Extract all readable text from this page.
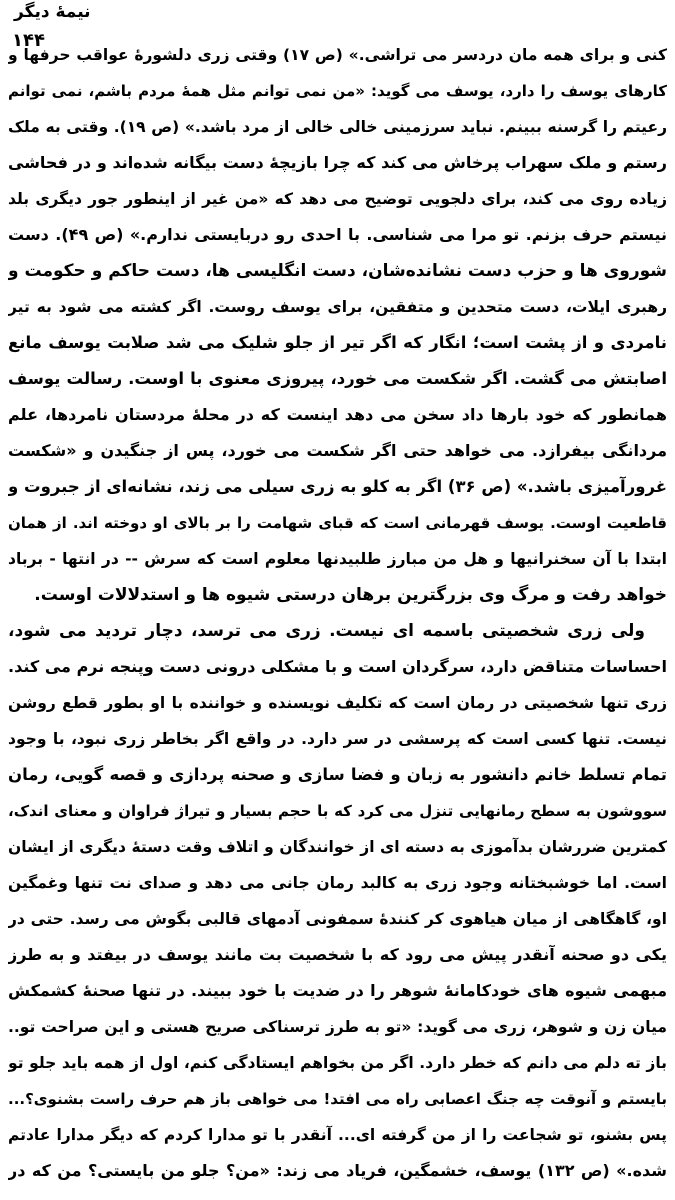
نیمهٔ دیگر
۱۴۴
کنی و برای همه مان دردسر می تراشی.» (ص ۱۷) وقتی زری دلشورهٔ عواقب حرفها و
کارهای یوسف را دارد، یوسف می گوید: «من نمی توانم مثل همهٔ مردم باشم، نمی توانم
رعیتم را گرسنه ببینم. نباید سرزمینی خالی خالی از مرد باشد.» (ص ۱۹). وقتی به ملک
رستم و ملک سهراب پرخاش می کند که چرا بازیچهٔ دست بیگانه شده‌اند و در فحاشی
زیاده روی می کند، برای دلجویی توضیح می دهد که «من غیر از اینطور جور دیگری بلد
نیستم حرف بزنم. تو مرا می شناسی. با احدی رو دربایستی ندارم.» (ص ۴۹). دست
شوروی ها و حزب دست نشانده‌شان، دست انگلیسی ها، دست حاکم و حکومت و
رهبری ایلات، دست متحدین و متفقین، برای یوسف روست. اگر کشته می شود به تیر
نامردی و از پشت است؛ انگار که اگر تیر از جلو شلیک می شد صلابت یوسف مانع
اصابتش می گشت. اگر شکست می خورد، پیروزی معنوی با اوست. رسالت یوسف
همانطور که خود بارها داد سخن می دهد اینست که در محلهٔ مردستان نامردها، علم
مردانگی بیفرازد. می خواهد حتی اگر شکست می خورد، پس از جنگیدن و «شکست
غرورآمیزی باشد.» (ص ۳۶) اگر به کلو به زری سیلی می زند، نشانه‌ای از جبروت و
قاطعیت اوست. یوسف قهرمانی است که قبای شهامت را بر بالای او دوخته اند. از همان
ابتدا با آن سخنرانیها و هل من مبارز طلبیدنها معلوم است که سرش -- در انتها - برباد
خواهد رفت و مرگ وی بزرگترین برهان درستی شیوه ها و استدلالات اوست.
ولی زری شخصیتی باسمه ای نیست. زری می ترسد، دچار تردید می شود،
احساسات متناقض دارد، سرگردان است و با مشکلی درونی دست وپنجه نرم می کند.
زری تنها شخصیتی در رمان است که تکلیف نویسنده و خواننده با او بطور قطع روشن
نیست. تنها کسی است که پرسشی در سر دارد. در واقع اگر بخاطر زری نبود، با وجود
تمام تسلط خانم دانشور به زبان و فضا سازی و صحنه پردازی و قصه گویی، رمان
سووشون به سطح رمانهایی تنزل می کرد که با حجم بسیار و تیراژ فراوان و معنای اندک،
کمترین ضررشان بدآموزی به دسته ای از خوانندگان و اتلاف وقت دستهٔ دیگری از ایشان
است. اما خوشبختانه وجود زری به کالبد رمان جانی می دهد و صدای نت تنها وغمگین
او، گاهگاهی از میان هیاهوی کر کنندهٔ سمفونی آدمهای قالبی بگوش می رسد. حتی در
یکی دو صحنه آنقدر پیش می رود که با شخصیت بت مانند یوسف در بیفتد و به طرز
مبهمی شیوه های خودکامانهٔ شوهر را در ضدیت با خود ببیند. در تنها صحنهٔ کشمکش
میان زن و شوهر، زری می گوید: «تو به طرز ترسناکی صریح هستی و این صراحت تو..
باز ته دلم می دانم که خطر دارد. اگر من بخواهم ایستادگی کنم، اول از همه باید جلو تو
بایستم و آنوقت چه جنگ اعصابی راه می افتد! می خواهی باز هم حرف راست بشنوی؟...
پس بشنو، تو شجاعت را از من گرفته ای... آنقدر با تو مدارا کردم که دیگر مدارا عادتم
شده.» (ص ۱۳۲) یوسف، خشمگین، فریاد می زند: «من؟ جلو من بایستی؟ من که در
